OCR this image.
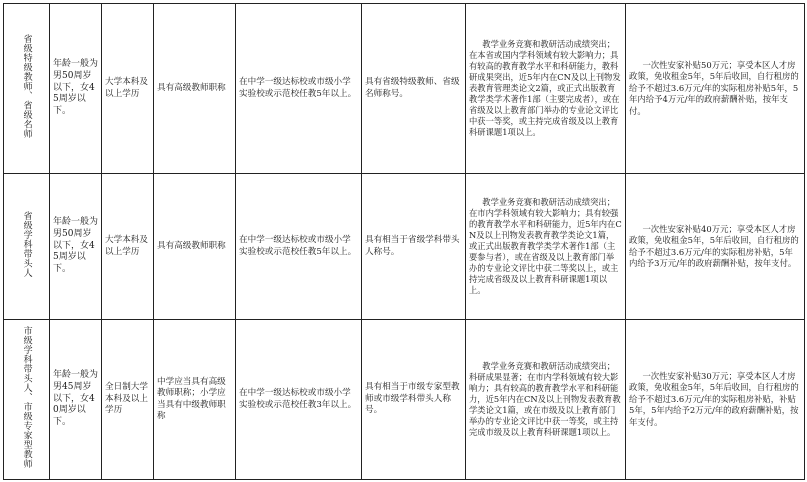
省级特级教师、省级名师	年龄一般为男50周岁以下，女45周岁以下。	大学本科及以上学历	具有高级教师职称	在中学一级达标校或市级小学实验校或示范校任教5年以上。	具有省级特级教师、省级名师称号。	教学业务竞赛和教研活动成绩突出；在本省或国内学科领域有较大影响力；具有较高的教育教学水平和科研能力，教科研成果突出，近5年内在CN及以上刊物发表教育管理类论文2篇，或正式出版教育教学类学术著作1部（主要完成者），或在省级及以上教育部门举办的专业论文评比中获一等奖，或主持完成省级及以上教育科研课题1项以上。	一次性安家补贴50万元；享受本区人才房政策，免收租金5年，5年后收回，自行租房的给予不超过3.6万元/年的实际租房补贴5年，5年内给予4万元/年的政府薪酬补贴，按年支付。

省级学科带头人	年龄一般为男50周岁以下，女45周岁以下。	大学本科及以上学历	具有高级教师职称	在中学一级达标校或市级小学实验校或示范校任教5年以上。	具有相当于省级学科带头人称号。	教学业务竞赛和教研活动成绩突出；在市内学科领域有较大影响力；具有较强的教育教学水平和科研能力，近5年内在CN及以上刊物发表教育教学类论文1篇，或正式出版教育教学类学术著作1部（主要参与者），或在省级及以上教育部门举办的专业论文评比中获二等奖以上，或主持完成省级及以上教育科研课题1项以上。	一次性安家补贴40万元；享受本区人才房政策，免收租金5年，5年后收回，自行租房的给予不超过3.6万元/年的实际租房补贴，5年内给予3万元/年的政府薪酬补贴，按年支付。

市级学科带头人、市级专家型教师	年龄一般为男45周岁以下，女40周岁以下。	全日制大学本科及以上学历	中学应当具有高级教师职称；小学应当具有中级教师职称	在中学一级达标校或市级小学实验校或示范校任教3年以上。	具有相当于市级专家型教师或市级学科带头人称号。	教学业务竞赛和教研活动成绩突出；科研成果显著；在市内学科领域有较大影响力；具有较高的教育教学水平和科研能力，近5年内在CN及以上刊物发表教育教学类论文1篇，或在市级及以上教育部门举办的专业论文评比中获一等奖，或主持完成市级及以上教育科研课题1项以上。	一次性安家补贴30万元；享受本区人才房政策，免收租金5年，5年后收回，自行租房的给予不超过3.6万元/年的实际租房补贴，补贴5年，5年内给予2万元/年的政府薪酬补贴，按年支付。
